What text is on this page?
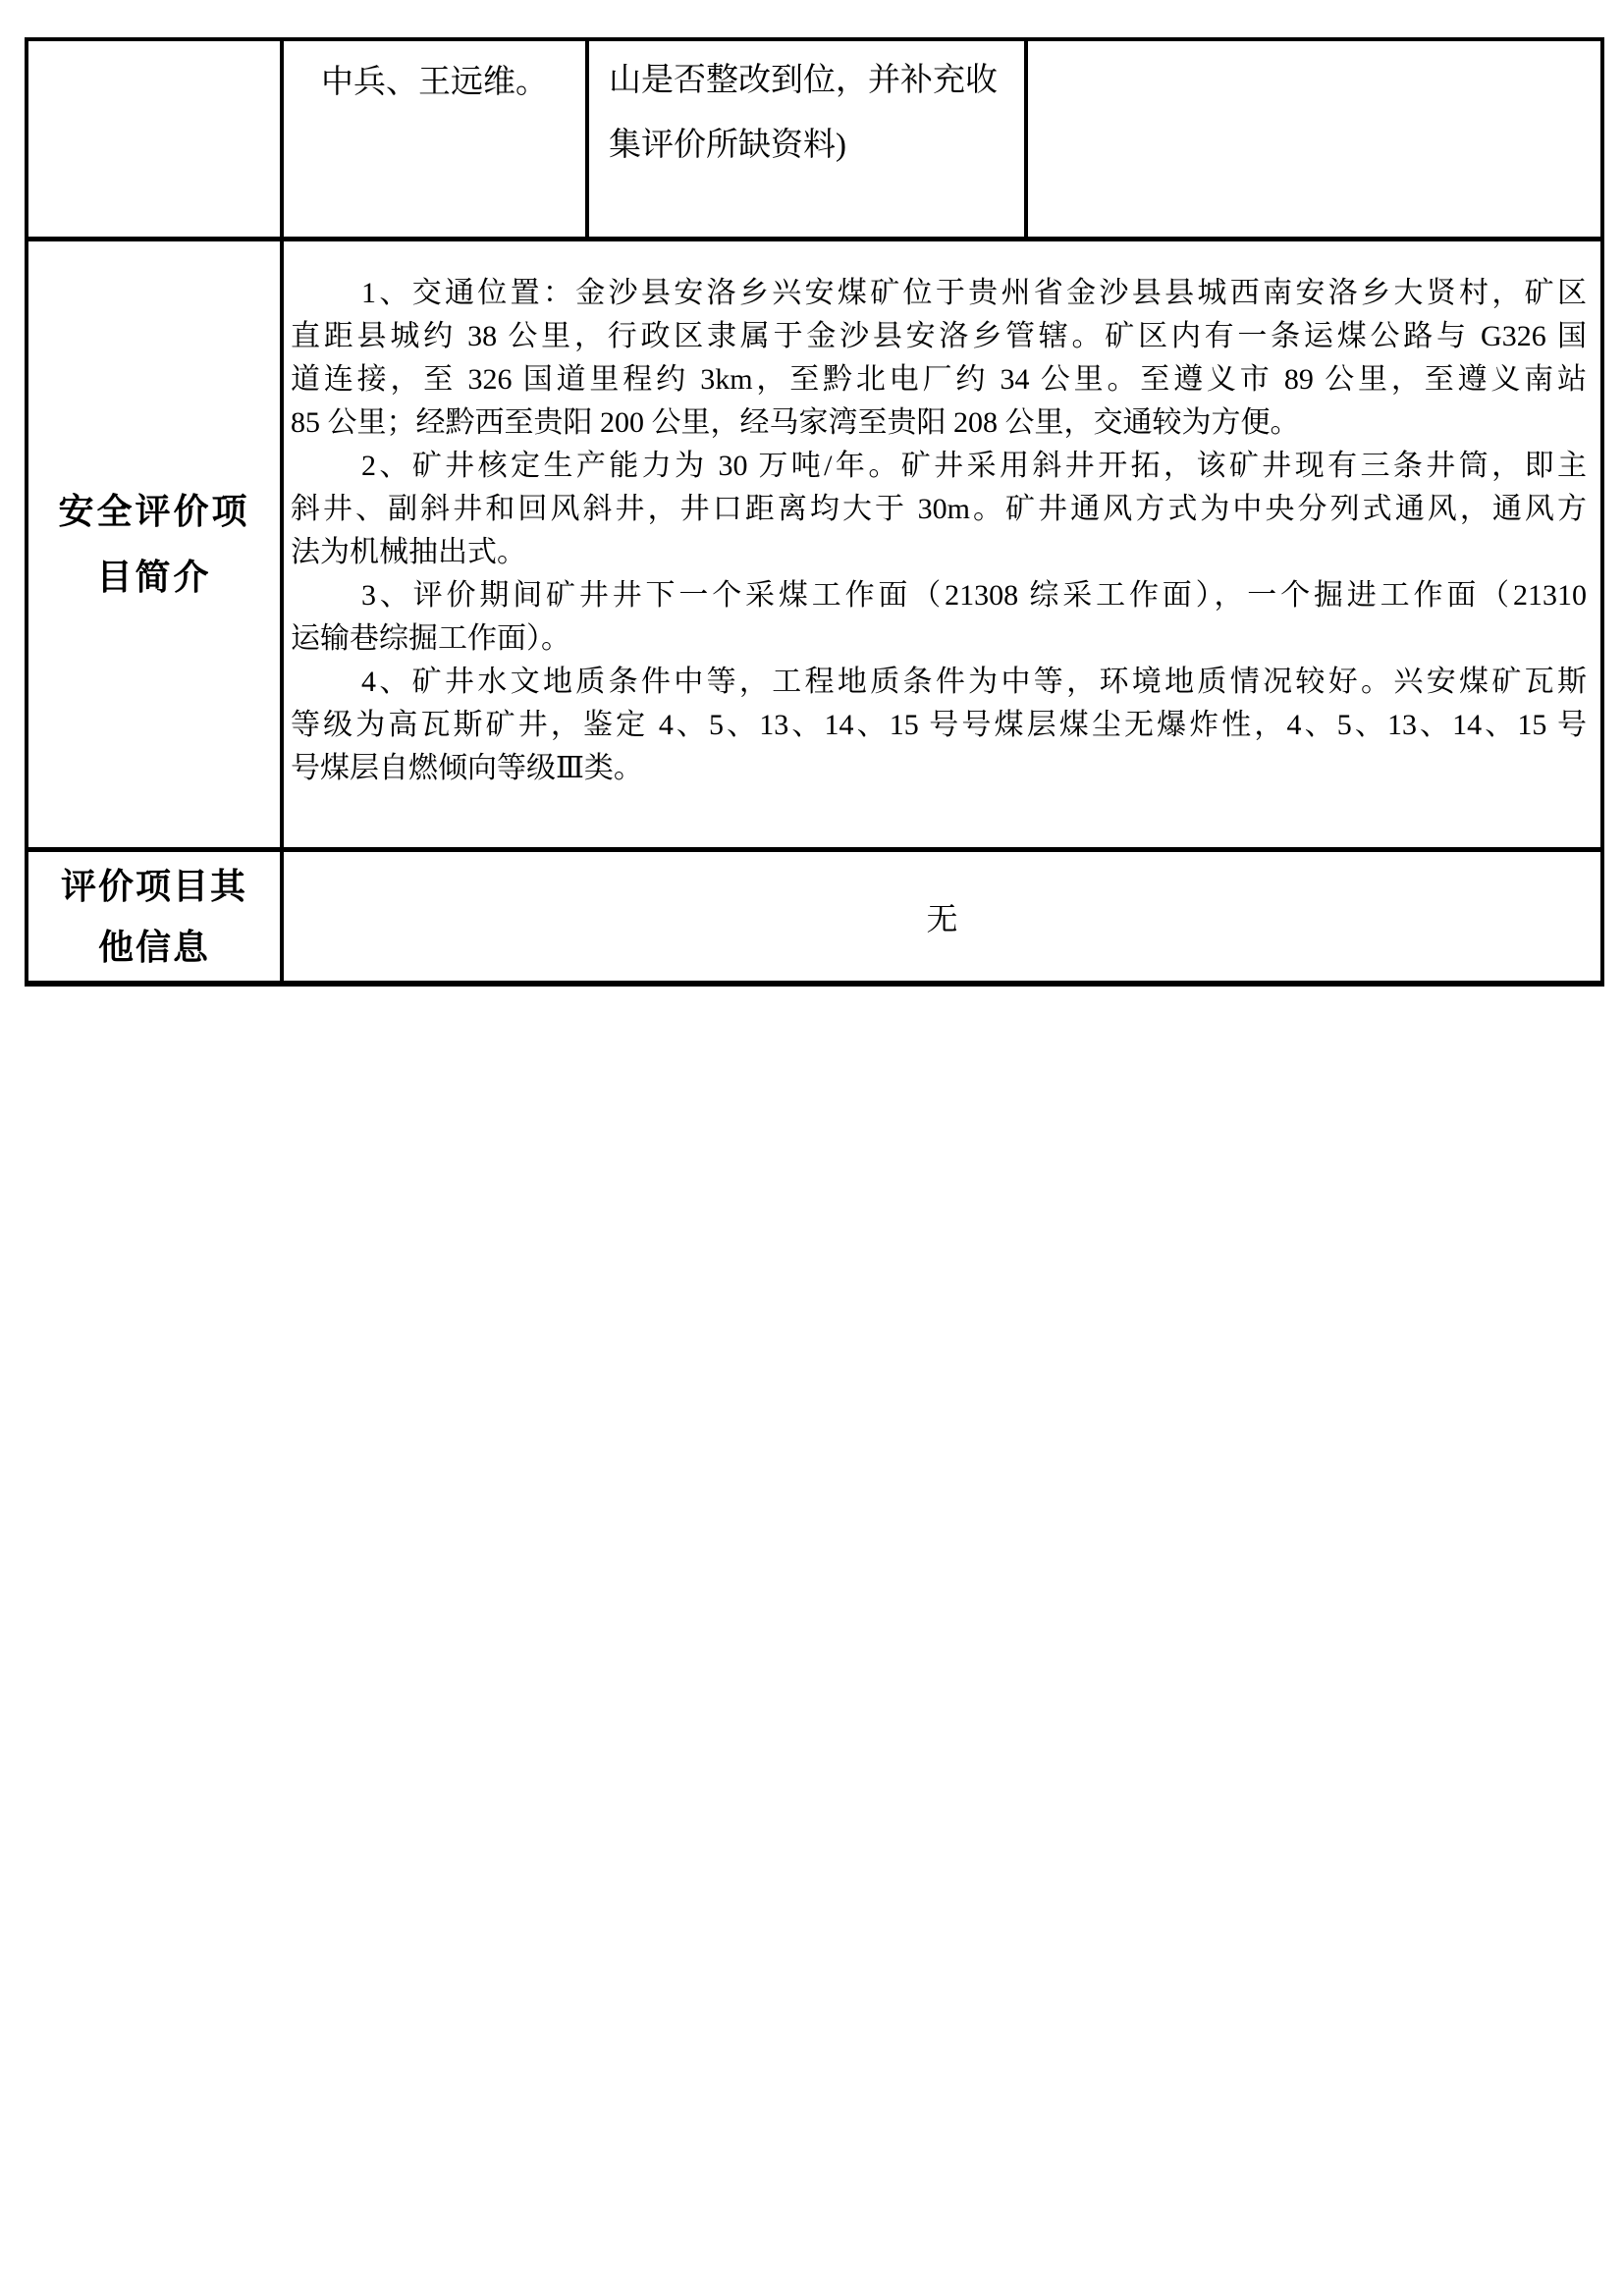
	中兵、王远维。	山是否整改到位，并补充收
集评价所缺资料)	

安全评价项
目简介

1、交通位置：金沙县安洛乡兴安煤矿位于贵州省金沙县县城西南安洛乡大贤村，矿区
直距县城约 38 公里，行政区隶属于金沙县安洛乡管辖。矿区内有一条运煤公路与 G326 国
道连接，至 326 国道里程约 3km，至黔北电厂约 34 公里。至遵义市 89 公里，至遵义南站
85 公里；经黔西至贵阳 200 公里，经马家湾至贵阳 208 公里，交通较为方便。
2、矿井核定生产能力为 30 万吨/年。矿井采用斜井开拓，该矿井现有三条井筒，即主
斜井、副斜井和回风斜井，井口距离均大于 30m。矿井通风方式为中央分列式通风，通风方
法为机械抽出式。
3、评价期间矿井井下一个采煤工作面（21308 综采工作面），一个掘进工作面（21310
运输巷综掘工作面）。
4、矿井水文地质条件中等，工程地质条件为中等，环境地质情况较好。兴安煤矿瓦斯
等级为高瓦斯矿井，鉴定 4、5、13、14、15 号号煤层煤尘无爆炸性，4、5、13、14、15 号
号煤层自燃倾向等级Ⅲ类。

评价项目其
他信息	无		
